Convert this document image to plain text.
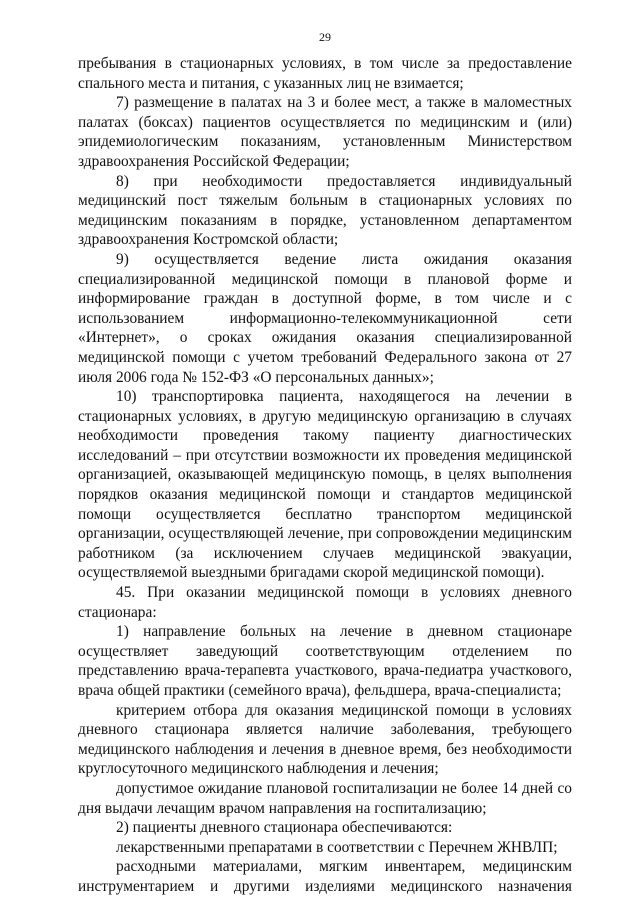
29

пребывания в стационарных условиях, в том числе за предоставление спального места и питания, с указанных лиц не взимается;

7) размещение в палатах на 3 и более мест, а также в маломестных палатах (боксах) пациентов осуществляется по медицинским и (или) эпидемиологическим показаниям, установленным Министерством здравоохранения Российской Федерации;

8) при необходимости предоставляется индивидуальный медицинский пост тяжелым больным в стационарных условиях по медицинским показаниям в порядке, установленном департаментом здравоохранения Костромской области;

9) осуществляется ведение листа ожидания оказания специализированной медицинской помощи в плановой форме и информирование граждан в доступной форме, в том числе и с использованием информационно-телекоммуникационной сети «Интернет», о сроках ожидания оказания специализированной медицинской помощи с учетом требований Федерального закона от 27 июля 2006 года № 152-ФЗ «О персональных данных»;

10) транспортировка пациента, находящегося на лечении в стационарных условиях, в другую медицинскую организацию в случаях необходимости проведения такому пациенту диагностических исследований – при отсутствии возможности их проведения медицинской организацией, оказывающей медицинскую помощь, в целях выполнения порядков оказания медицинской помощи и стандартов медицинской помощи осуществляется бесплатно транспортом медицинской организации, осуществляющей лечение, при сопровождении медицинским работником (за исключением случаев медицинской эвакуации, осуществляемой выездными бригадами скорой медицинской помощи).

45. При оказании медицинской помощи в условиях дневного стационара:

1) направление больных на лечение в дневном стационаре осуществляет заведующий соответствующим отделением по представлению врача-терапевта участкового, врача-педиатра участкового, врача общей практики (семейного врача), фельдшера, врача-специалиста;

критерием отбора для оказания медицинской помощи в условиях дневного стационара является наличие заболевания, требующего медицинского наблюдения и лечения в дневное время, без необходимости круглосуточного медицинского наблюдения и лечения;

допустимое ожидание плановой госпитализации не более 14 дней со дня выдачи лечащим врачом направления на госпитализацию;

2) пациенты дневного стационара обеспечиваются:

лекарственными препаратами в соответствии с Перечнем ЖНВЛП;

расходными материалами, мягким инвентарем, медицинским инструментарием и другими изделиями медицинского назначения
